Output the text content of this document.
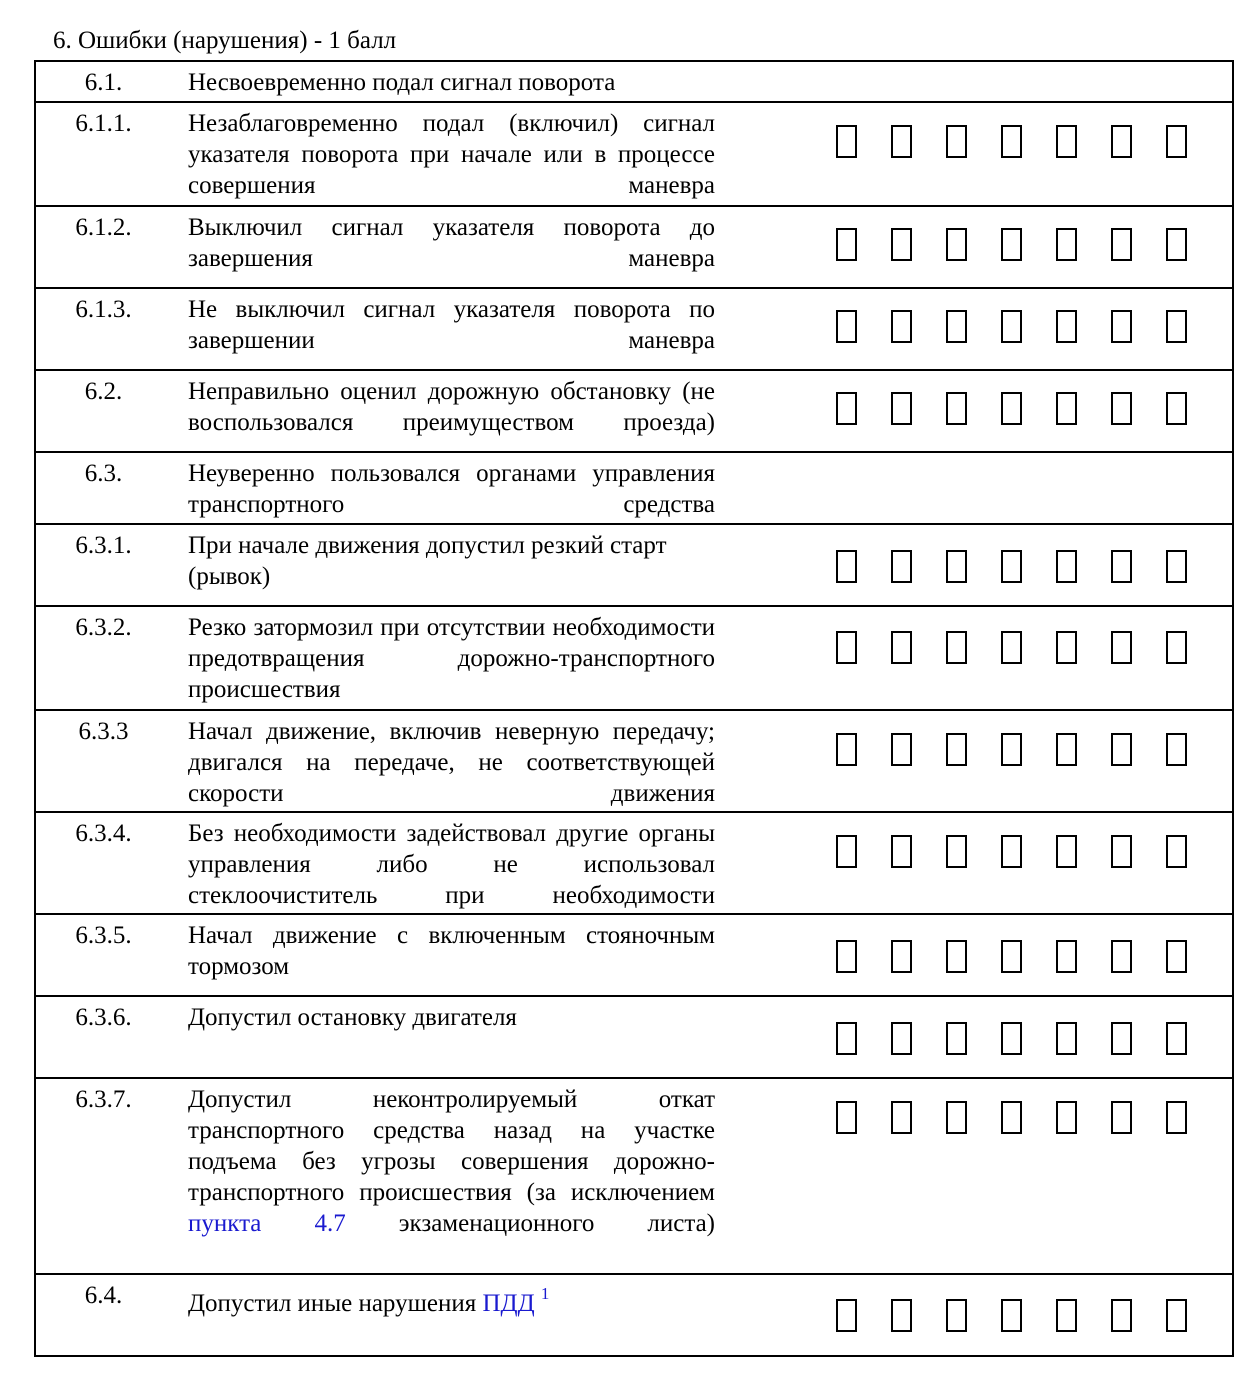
6. Ошибки (нарушения) - 1 балл
6.1.	Несвоевременно подал сигнал поворота	

6.1.1.	Незаблаговременно подал (включил) сигнал указателя поворота при начале или в процессе совершения маневра	

6.1.2.	Выключил сигнал указателя поворота до завершения маневра	

6.1.3.	Не выключил сигнал указателя поворота по завершении маневра	

6.2.	Неправильно оценил дорожную обстановку (не воспользовался преимуществом проезда)	

6.3.	Неуверенно пользовался органами управления транспортного средства	

6.3.1.	При начале движения допустил резкий старт (рывок)	

6.3.2.	Резко затормозил при отсутствии необходимости предотвращения дорожно-транспортного происшествия	

6.3.3	Начал движение, включив неверную передачу; двигался на передаче, не соответствующей скорости движения	

6.3.4.	Без необходимости задействовал другие органы управления либо не использовал стеклоочиститель при необходимости	

6.3.5.	Начал движение с включенным стояночным тормозом	

6.3.6.	Допустил остановку двигателя	

6.3.7.	Допустил неконтролируемый откат транспортного средства назад на участке подъема без угрозы совершения дорожно-транспортного происшествия (за исключением пункта 4.7 экзаменационного листа)	

6.4.	Допустил иные нарушения ПДД $^1$
